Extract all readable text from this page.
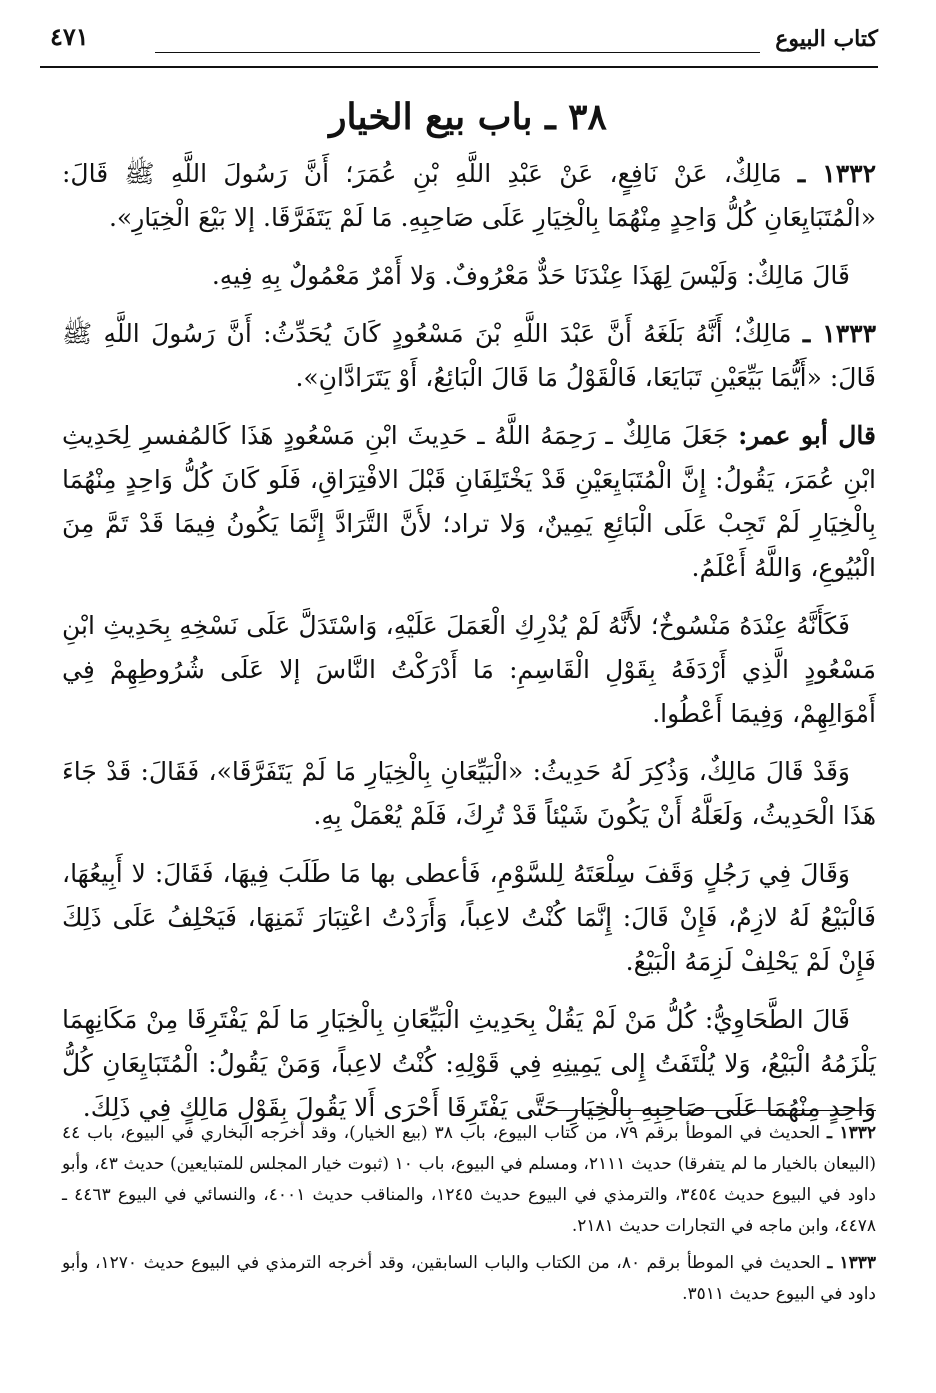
كتاب البيوع
٤٧١
٣٨ ـ باب بيع الخيار

١٣٣٢ ـ مَالِكٌ، عَنْ نَافِعٍ، عَنْ عَبْدِ اللَّهِ بْنِ عُمَرَ؛ أَنَّ رَسُولَ اللَّهِ ﷺ قَالَ: «الْمُتَبَايِعَانِ كُلُّ وَاحِدٍ مِنْهُمَا بِالْخِيَارِ عَلَى صَاحِبِهِ. مَا لَمْ يَتَفَرَّقَا. إلا بَيْعَ الْخِيَارِ».

قَالَ مَالِكٌ: وَلَيْسَ لِهَذَا عِنْدَنَا حَدٌّ مَعْرُوفٌ. وَلا أَمْرٌ مَعْمُولٌ بِهِ فِيهِ.

١٣٣٣ ـ مَالِكٌ؛ أَنَّهُ بَلَغَهُ أَنَّ عَبْدَ اللَّهِ بْنَ مَسْعُودٍ كَانَ يُحَدِّثُ: أَنَّ رَسُولَ اللَّهِ ﷺ قَالَ: «أَيُّمَا بَيِّعَيْنِ تَبَايَعَا، فَالْقَوْلُ مَا قَالَ الْبَائِعُ، أَوْ يَتَرَادَّانِ».

قال أبو عمر: جَعَلَ مَالِكٌ ـ رَحِمَهُ اللَّهُ ـ حَدِيثَ ابْنِ مَسْعُودٍ هَذَا كَالمُفسرِ لِحَدِيثِ ابْنِ عُمَرَ، يَقُولُ: إِنَّ الْمُتَبَايِعَيْنِ قَدْ يَخْتَلِفَانِ قَبْلَ الافْتِرَاقِ، فَلَو كَانَ كُلُّ وَاحِدٍ مِنْهُمَا بِالْخِيَارِ لَمْ تَجِبْ عَلَى الْبَائِعِ يَمِينٌ، وَلا تراد؛ لأَنَّ التَّرَادَّ إِنَّمَا يَكُونُ فِيمَا قَدْ تَمَّ مِنَ الْبُيُوعِ، وَاللَّهُ أَعْلَمُ.

فَكَأَنَّهُ عِنْدَهُ مَنْسُوخٌ؛ لأَنَّهُ لَمْ يُدْرِكِ الْعَمَلَ عَلَيْهِ، وَاسْتَدَلَّ عَلَى نَسْخِهِ بِحَدِيثِ ابْنِ مَسْعُودٍ الَّذِي أَرْدَفَهُ بِقَوْلِ الْقَاسِمِ: مَا أَدْرَكْتُ النَّاسَ إلا عَلَى شُرُوطِهِمْ فِي أَمْوَالِهِمْ، وَفِيمَا أَعْطُوا.

وَقَدْ قَالَ مَالِكٌ، وَذُكِرَ لَهُ حَدِيثُ: «الْبَيِّعَانِ بِالْخِيَارِ مَا لَمْ يَتَفَرَّقَا»، فَقَالَ: قَدْ جَاءَ هَذَا الْحَدِيثُ، وَلَعَلَّهُ أَنْ يَكُونَ شَيْئاً قَدْ تُرِكَ، فَلَمْ يُعْمَلْ بِهِ.

وَقَالَ فِي رَجُلٍ وَقَفَ سِلْعَتَهُ لِلسَّوْمِ، فَأعطى بها مَا طَلَبَ فِيهَا، فَقَالَ: لا أَبِيعُهَا، فَالْبَيْعُ لَهُ لازِمٌ، فَإِنْ قَالَ: إِنَّمَا كُنْتُ لاعِباً، وَأَرَدْتُ اعْتِبَارَ ثَمَنِهَا، فَيَحْلِفُ عَلَى ذَلِكَ فَإِنْ لَمْ يَحْلِفْ لَزِمَهُ الْبَيْعُ.

قَالَ الطَّحَاوِيُّ: كُلُّ مَنْ لَمْ يَقُلْ بِحَدِيثِ الْبَيِّعَانِ بِالْخِيَارِ مَا لَمْ يَفْتَرِقَا مِنْ مَكَانِهِمَا يَلْزَمُهُ الْبَيْعُ، وَلا يُلْتَفَتُ إِلى يَمِينِهِ فِي قَوْلِهِ: كُنْتُ لاعِباً، وَمَنْ يَقُولُ: الْمُتَبَايِعَانِ كُلُّ وَاحِدٍ مِنْهُمَا عَلَى صَاحِبِهِ بِالْخِيَارِ حَتَّى يَفْتَرِقَا أَحْرَى أَلا يَقُولَ بِقَوْلِ مَالِكٍ فِي ذَلِكَ.

١٣٣٢ ـ الحديث في الموطأ برقم ٧٩، من كتاب البيوع، باب ٣٨ (بيع الخيار)، وقد أخرجه البخاري في البيوع، باب ٤٤ (البيعان بالخيار ما لم يتفرقا) حديث ٢١١١، ومسلم في البيوع، باب ١٠ (ثبوت خيار المجلس للمتبايعين) حديث ٤٣، وأبو داود في البيوع حديث ٣٤٥٤، والترمذي في البيوع حديث ١٢٤٥، والمناقب حديث ٤٠٠١، والنسائي في البيوع ٤٤٦٣ ـ ٤٤٧٨، وابن ماجه في التجارات حديث ٢١٨١.

١٣٣٣ ـ الحديث في الموطأ برقم ٨٠، من الكتاب والباب السابقين، وقد أخرجه الترمذي في البيوع حديث ١٢٧٠، وأبو داود في البيوع حديث ٣٥١١.
